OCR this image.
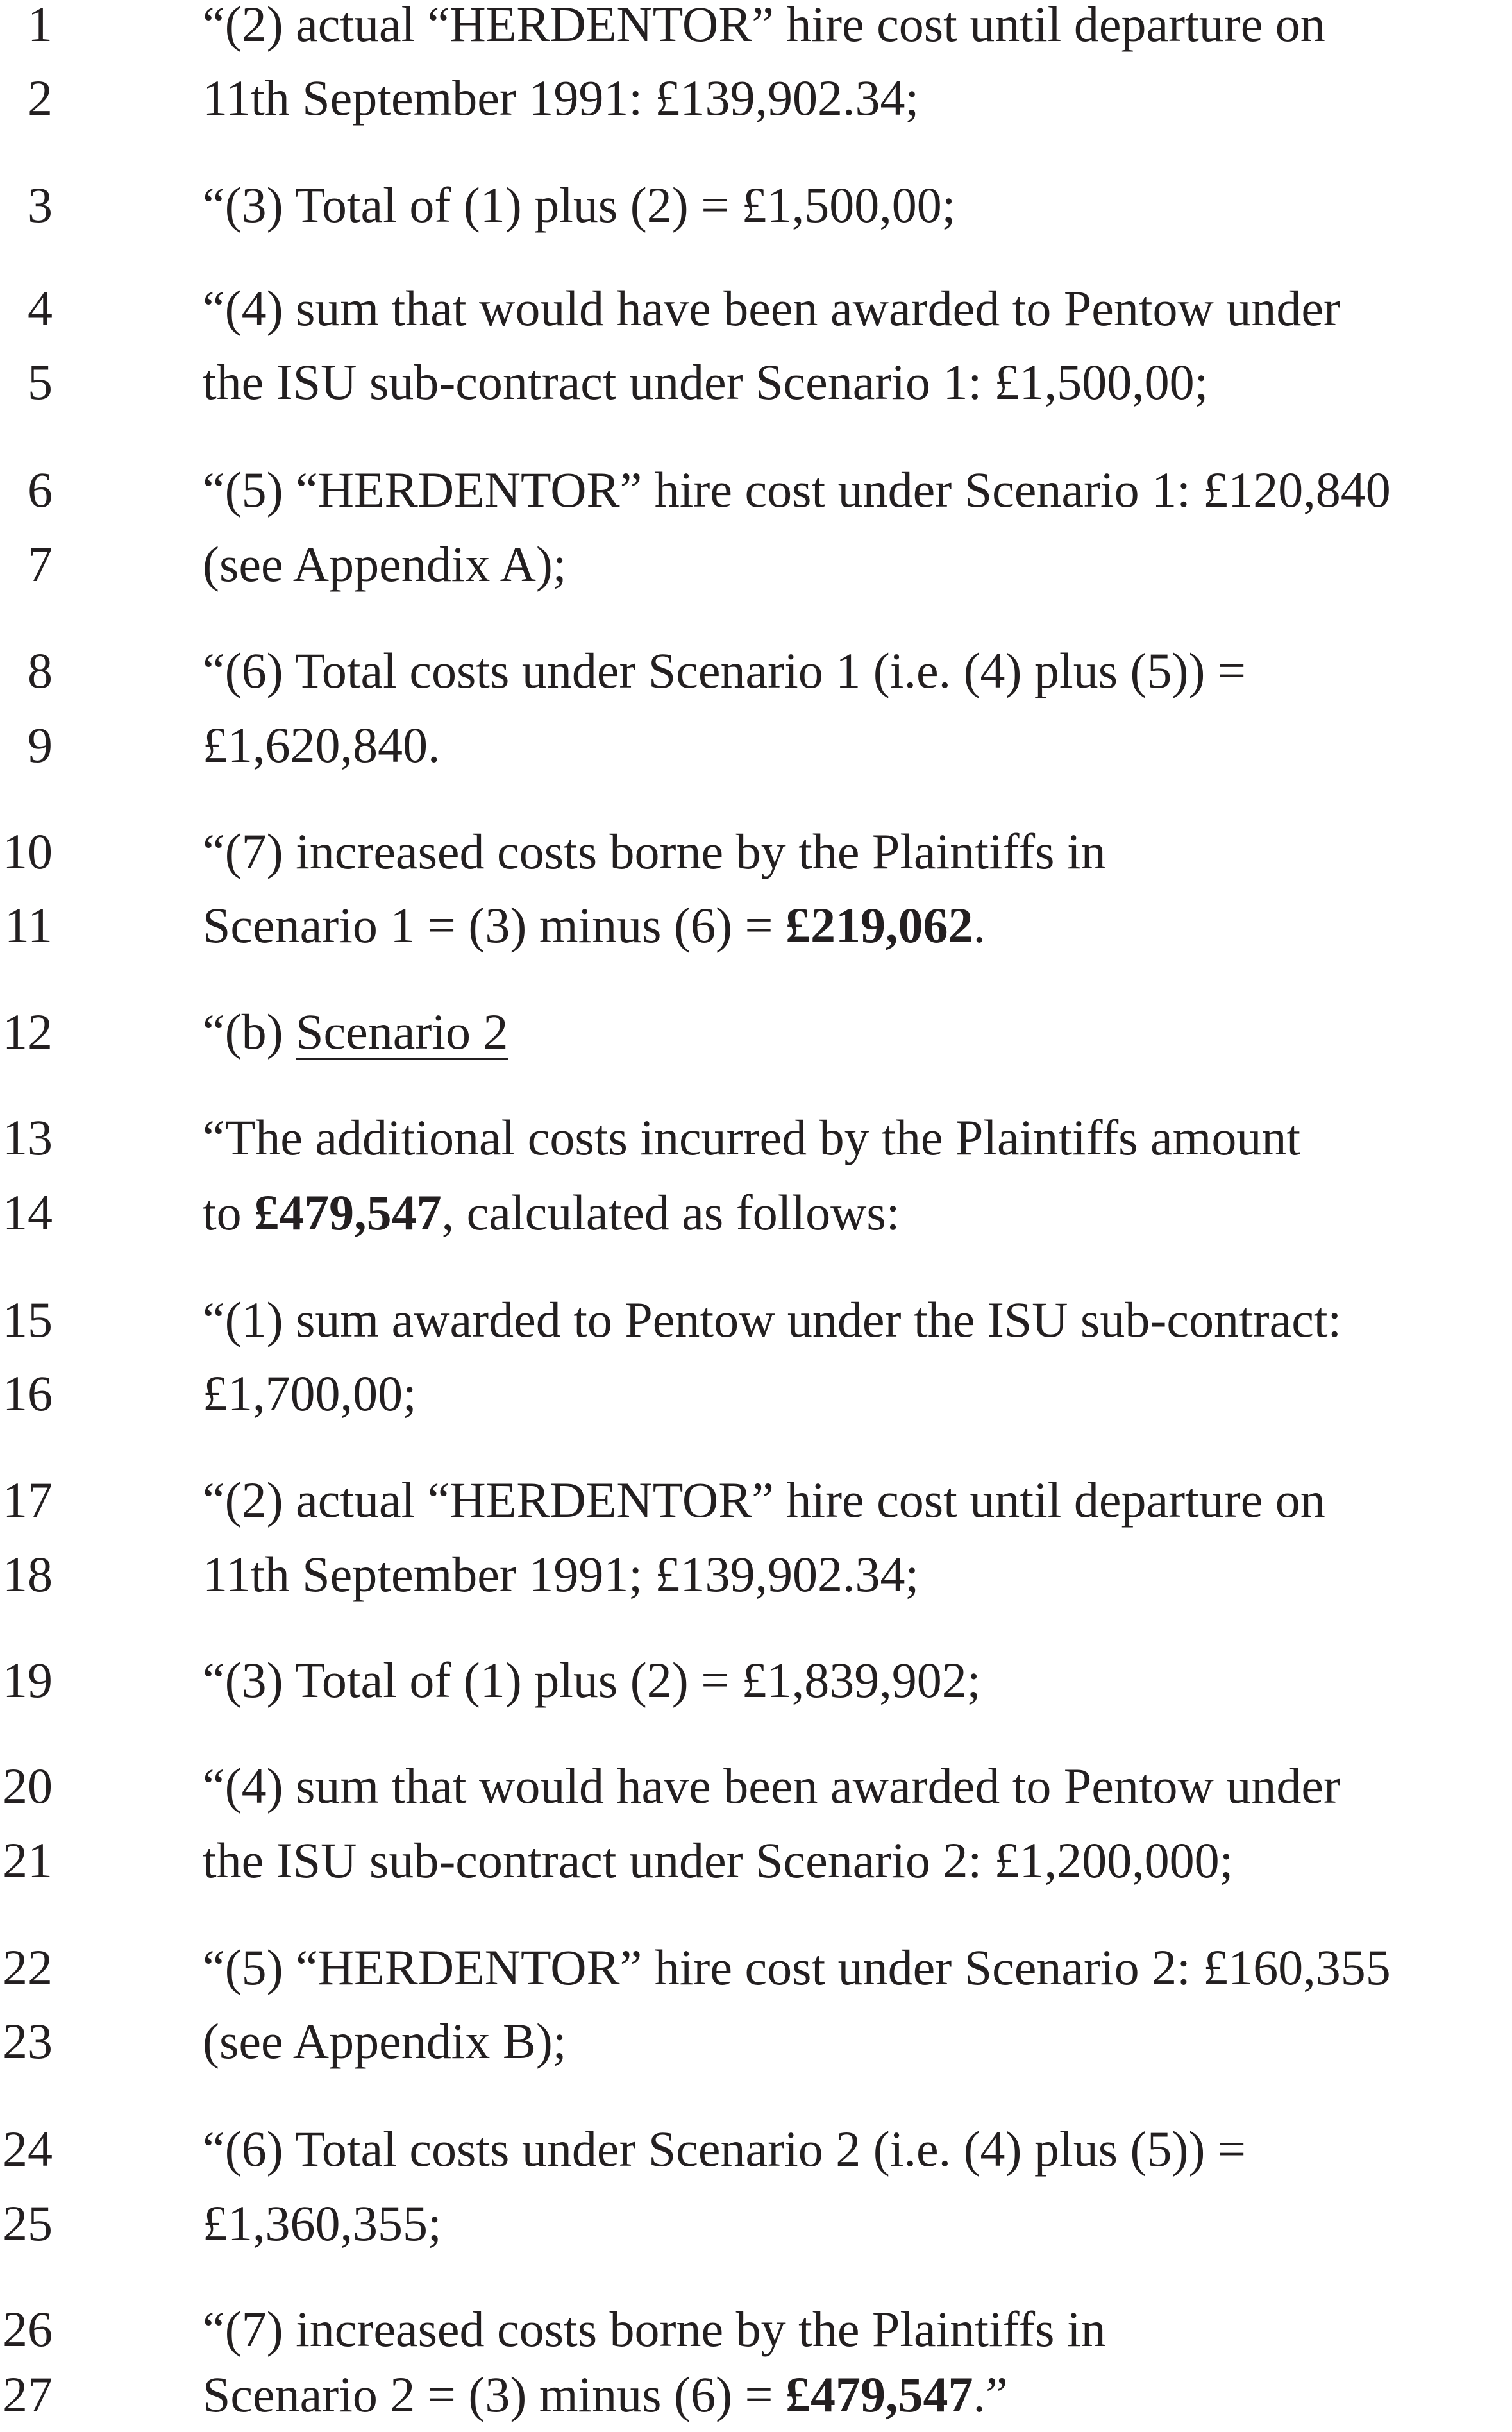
1	“(2) actual “HERDENTOR” hire cost until departure on
2	11th September 1991: £139,902.34;
3	“(3) Total of (1) plus (2) = £1,500,00;
4	“(4) sum that would have been awarded to Pentow under
5	the ISU sub-contract under Scenario 1: £1,500,00;
6	“(5) “HERDENTOR” hire cost under Scenario 1: £120,840
7	(see Appendix A);
8	“(6) Total costs under Scenario 1 (i.e. (4) plus (5)) =
9	£1,620,840.
10	“(7) increased costs borne by the Plaintiffs in
11	Scenario 1 = (3) minus (6) = £219,062.
12	“(b) Scenario 2
13	“The additional costs incurred by the Plaintiffs amount
14	to £479,547, calculated as follows:
15	“(1) sum awarded to Pentow under the ISU sub-contract:
16	£1,700,00;
17	“(2) actual “HERDENTOR” hire cost until departure on
18	11th September 1991; £139,902.34;
19	“(3) Total of (1) plus (2) = £1,839,902;
20	“(4) sum that would have been awarded to Pentow under
21	the ISU sub-contract under Scenario 2: £1,200,000;
22	“(5) “HERDENTOR” hire cost under Scenario 2: £160,355
23	(see Appendix B);
24	“(6) Total costs under Scenario 2 (i.e. (4) plus (5)) =
25	£1,360,355;
26	“(7) increased costs borne by the Plaintiffs in
27	Scenario 2 = (3) minus (6) = £479,547.”
